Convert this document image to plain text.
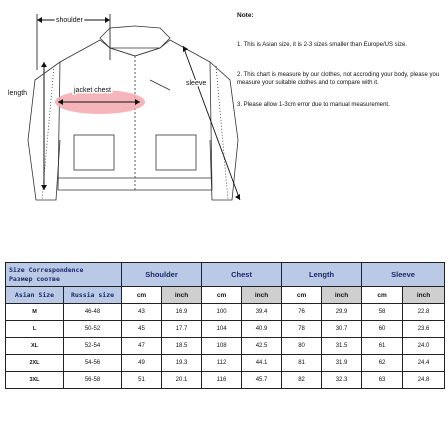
shoulder
length	jacket chest
sleeve
Note:
1. This is Asian size, it is 2-3 sizes smaller than Europe/US size.
2. This chart is measure by our clothes, not accroding your body, please you measure your suitable clothes and to compare with it.
3. Please allow 1-3cm error due to manual measurement.
Size Correspondence
Размер соотве		Shoulder		Chest		Length		Sleeve	
Asian Size	Russia size	cm	inch	cm	inch	cm	inch	cm	inch
M	46-48	43	16.9	100	39.4	76	29.9	58	22.8
L	50-52	45	17.7	104	40.9	78	30.7	60	23.6
XL	52-54	47	18.5	108	42.5	80	31.5	61	24.0
2XL	54-56	49	19.3	112	44.1	81	31.9	62	24.4
3XL	56-58	51	20.1	116	45.7	82	32.3	63	24.8
